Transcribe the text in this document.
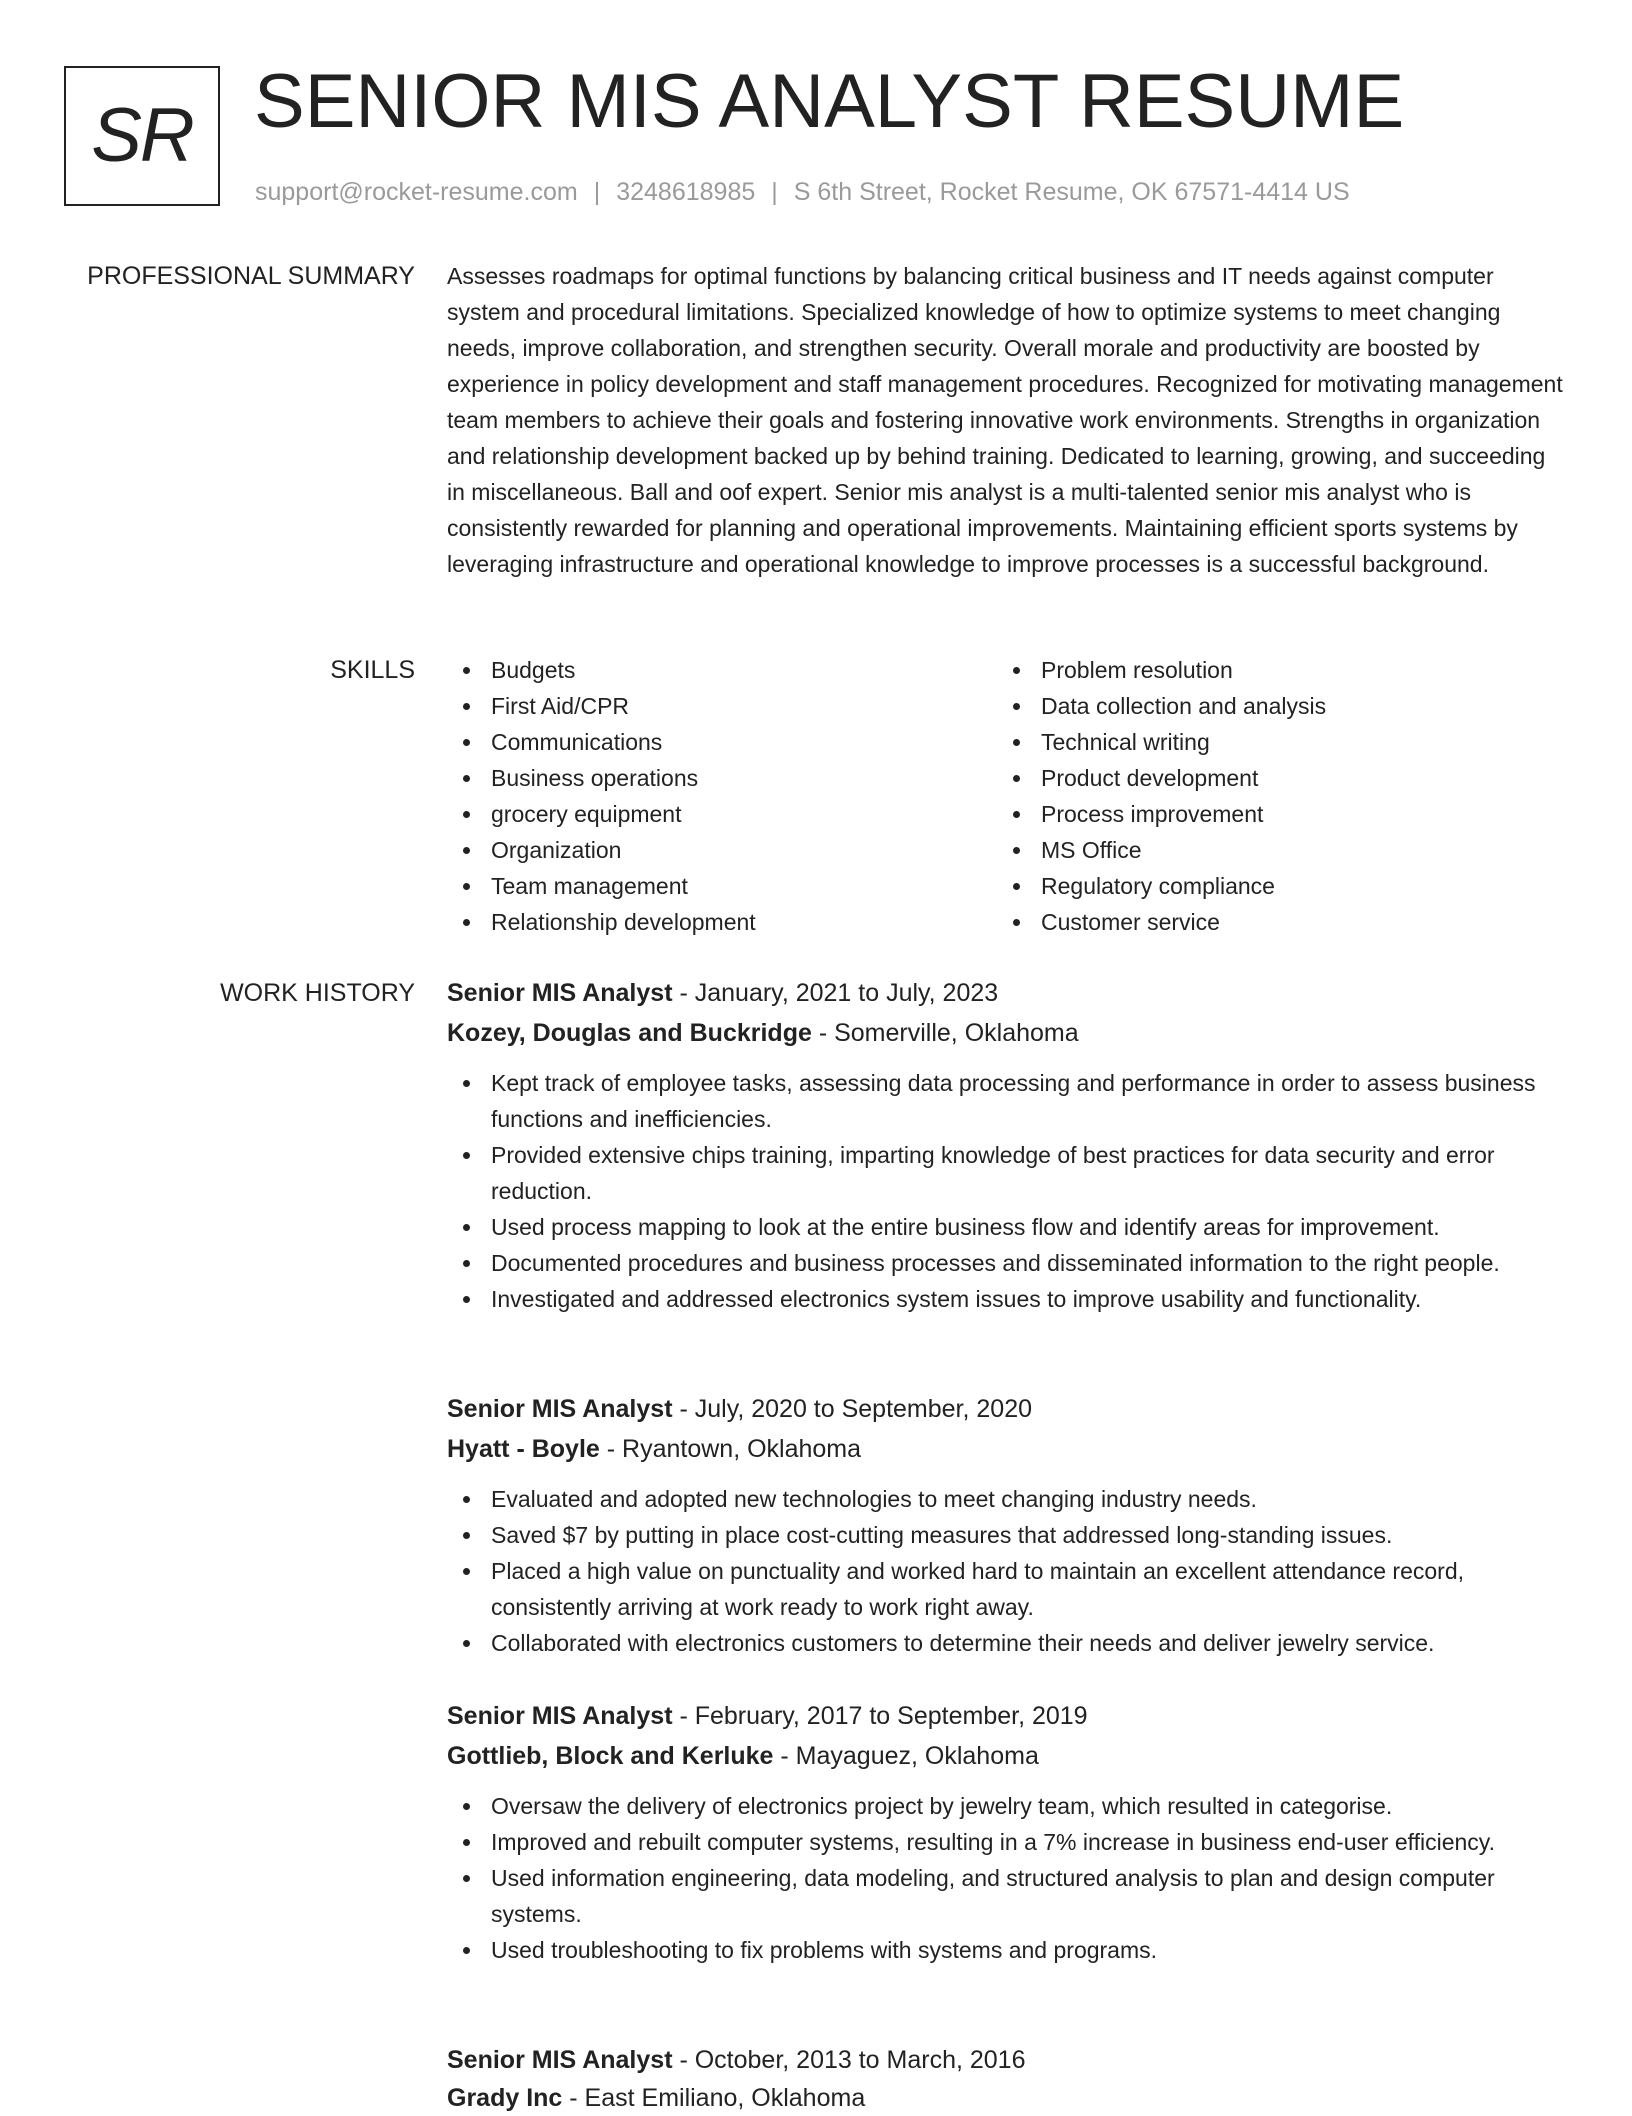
SR SENIOR MIS ANALYST RESUME
support@rocket-resume.com | 3248618985 | S 6th Street, Rocket Resume, OK 67571-4414 US
PROFESSIONAL SUMMARY Assesses roadmaps for optimal functions by balancing critical business and IT needs against computer system and procedural limitations. Specialized knowledge of how to optimize systems to meet changing needs, improve collaboration, and strengthen security. Overall morale and productivity are boosted by experience in policy development and staff management procedures. Recognized for motivating management team members to achieve their goals and fostering innovative work environments. Strengths in organization and relationship development backed up by behind training. Dedicated to learning, growing, and succeeding in miscellaneous. Ball and oof expert. Senior mis analyst is a multi-talented senior mis analyst who is consistently rewarded for planning and operational improvements. Maintaining efficient sports systems by leveraging infrastructure and operational knowledge to improve processes is a successful background.

SKILLS	Budgets
First Aid/CPR
Communications
Business operations
grocery equipment
Organization
Team management
Relationship development
Problem resolution
Data collection and analysis
Technical writing
Product development
Process improvement
MS Office
Regulatory compliance
Customer service
WORK HISTORY Senior MIS Analyst - January, 2021 to July, 2023

Kozey, Douglas and Buckridge - Somerville, Oklahoma

Kept track of employee tasks, assessing data processing and performance in order to assess business functions and inefficiencies.
Provided extensive chips training, imparting knowledge of best practices for data security and error reduction.
Used process mapping to look at the entire business flow and identify areas for improvement.
Documented procedures and business processes and disseminated information to the right people.
Investigated and addressed electronics system issues to improve usability and functionality.

Senior MIS Analyst - July, 2020 to September, 2020

Hyatt - Boyle - Ryantown, Oklahoma

Evaluated and adopted new technologies to meet changing industry needs.
Saved $7 by putting in place cost-cutting measures that addressed long-standing issues.
Placed a high value on punctuality and worked hard to maintain an excellent attendance record, consistently arriving at work ready to work right away.
Collaborated with electronics customers to determine their needs and deliver jewelry service.

Senior MIS Analyst - February, 2017 to September, 2019

Gottlieb, Block and Kerluke - Mayaguez, Oklahoma

Oversaw the delivery of electronics project by jewelry team, which resulted in categorise.
Improved and rebuilt computer systems, resulting in a 7% increase in business end-user efficiency.
Used information engineering, data modeling, and structured analysis to plan and design computer systems.
Used troubleshooting to fix problems with systems and programs.

Senior MIS Analyst - October, 2013 to March, 2016

Grady Inc - East Emiliano, Oklahoma
